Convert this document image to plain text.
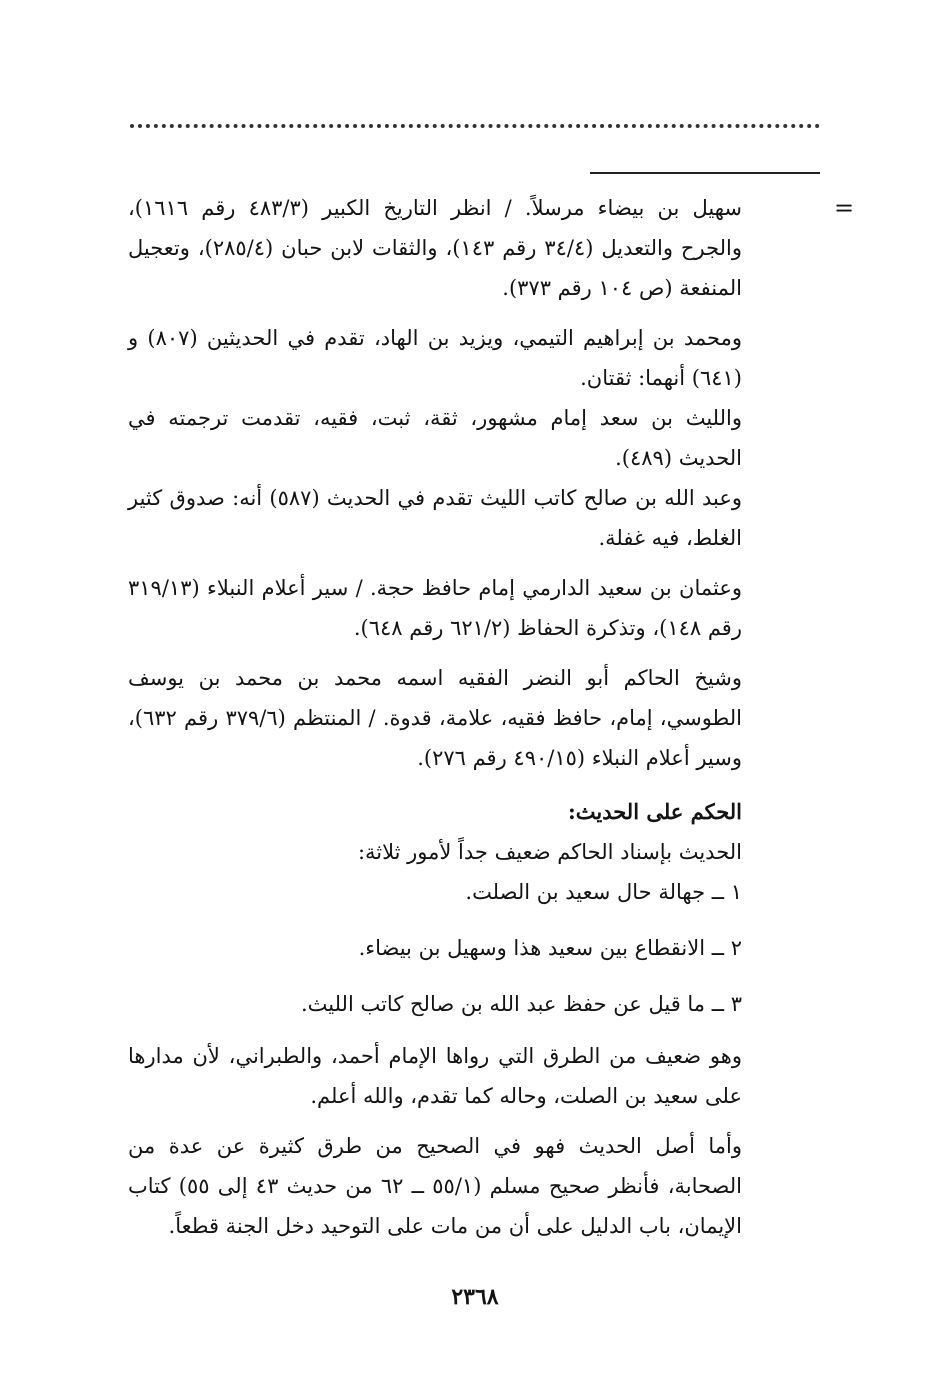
=

سهيل بن بيضاء مرسلاً. / انظر التاريخ الكبير (٤٨٣/٣ رقم ١٦١٦)، والجرح والتعديل (٣٤/٤ رقم ١٤٣)، والثقات لابن حبان (٢٨٥/٤)، وتعجيل المنفعة (ص ١٠٤ رقم ٣٧٣).

ومحمد بن إبراهيم التيمي، ويزيد بن الهاد، تقدم في الحديثين (٨٠٧) و (٦٤١) أنهما: ثقتان.

والليث بن سعد إمام مشهور، ثقة، ثبت، فقيه، تقدمت ترجمته في الحديث (٤٨٩).

وعبد الله بن صالح كاتب الليث تقدم في الحديث (٥٨٧) أنه: صدوق كثير الغلط، فيه غفلة.

وعثمان بن سعيد الدارمي إمام حافظ حجة. / سير أعلام النبلاء (٣١٩/١٣ رقم ١٤٨)، وتذكرة الحفاظ (٦٢١/٢ رقم ٦٤٨).

وشيخ الحاكم أبو النضر الفقيه اسمه محمد بن محمد بن يوسف الطوسي، إمام، حافظ فقيه، علامة، قدوة. / المنتظم (٣٧٩/٦ رقم ٦٣٢)، وسير أعلام النبلاء (٤٩٠/١٥ رقم ٢٧٦).

الحكم على الحديث:

الحديث بإسناد الحاكم ضعيف جداً لأمور ثلاثة:

١ ــ جهالة حال سعيد بن الصلت.

٢ ــ الانقطاع بين سعيد هذا وسهيل بن بيضاء.

٣ ــ ما قيل عن حفظ عبد الله بن صالح كاتب الليث.

وهو ضعيف من الطرق التي رواها الإمام أحمد، والطبراني، لأن مدارها على سعيد بن الصلت، وحاله كما تقدم، والله أعلم.

وأما أصل الحديث فهو في الصحيح من طرق كثيرة عن عدة من الصحابة، فأنظر صحيح مسلم (٥٥/١ ــ ٦٢ من حديث ٤٣ إلى ٥٥) كتاب الإيمان، باب الدليل على أن من مات على التوحيد دخل الجنة قطعاً.

٢٣٦٨
